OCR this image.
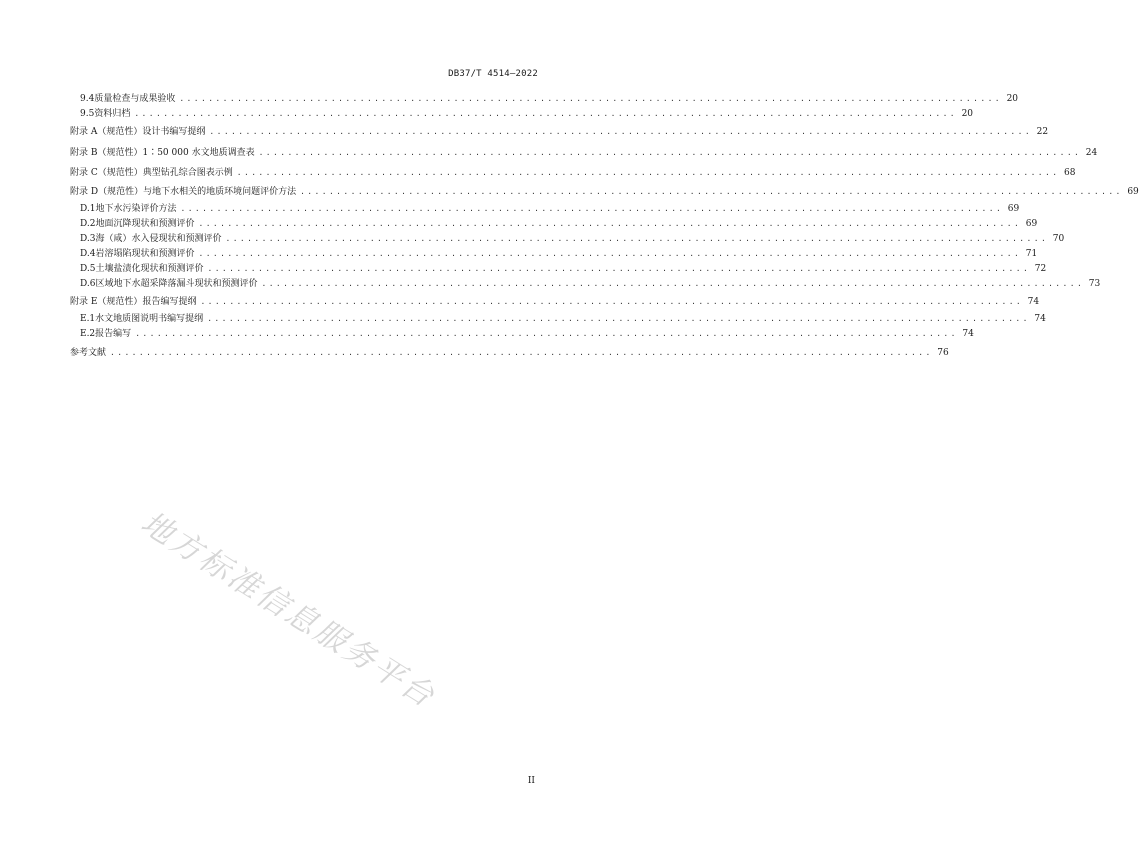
DB37/T 4514—2022
9.4 质量检查与成果验收 .................................................................................................................. 20
9.5 资料归档 .................................................................................................................. 20
附录 A（规范性） 设计书编写提纲 .................................................................................................................. 22
附录 B（规范性） 1∶50 000 水文地质调查表 .................................................................................................................. 24
附录 C（规范性） 典型钻孔综合图表示例 .................................................................................................................. 68
附录 D（规范性） 与地下水相关的地质环境问题评价方法 .................................................................................................................. 69
D.1 地下水污染评价方法 .................................................................................................................. 69
D.2 地面沉降现状和预测评价 .................................................................................................................. 69
D.3 海（咸）水入侵现状和预测评价 .................................................................................................................. 70
D.4 岩溶塌陷现状和预测评价 .................................................................................................................. 71
D.5 土壤盐渍化现状和预测评价 .................................................................................................................. 72
D.6 区域地下水超采降落漏斗现状和预测评价 .................................................................................................................. 73
附录 E（规范性） 报告编写提纲 .................................................................................................................. 74
E.1 水文地质图说明书编写提纲 .................................................................................................................. 74
E.2 报告编写 .................................................................................................................. 74
参考文献 .................................................................................................................. 76
地方标准信息服务平台
II
